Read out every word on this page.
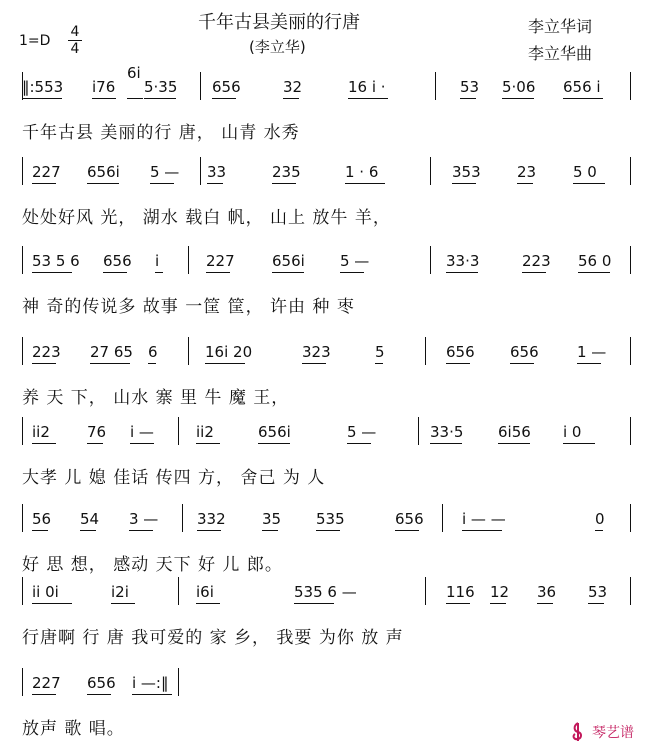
千年古县美丽的行唐
(李立华)
1=D
4
4
李立华词
李立华曲
‖:553 i76
6i
5·35 656	32	16 i ·	53 5·06 656 i
千年古县 美丽的行 唐， 山青 水秀
227 656i 5 — 33	235	1 · 6	353 23 5 0
处处好风 光， 湖水 载白 帆， 山上 放牛 羊，
53 5 6 656 i	227 656i 5 —	33·3	223 56 0
神 奇的传说多 故事 一筐 筐， 许由 种 枣
223 27 65 6	16i 20	323	5	656 656	1 —
养 天 下， 山水 寨 里 牛 魔 王，
ii2 76 i —	ii2	656i	5 —	33·5 6i56 i 0
大孝 儿 媳 佳话 传四 方， 舍己 为 人
56 54 3 —	332 35 535	656	i — —	0
好 思 想， 感动 天下 好 儿 郎。
ii 0i	i2i	i6i	535 6 —	116 12 36 53
行唐啊 行 唐 我可爱的 家 乡， 我要 为你 放 声
227 656 i —:‖
放声 歌 唱。	琴艺谱
